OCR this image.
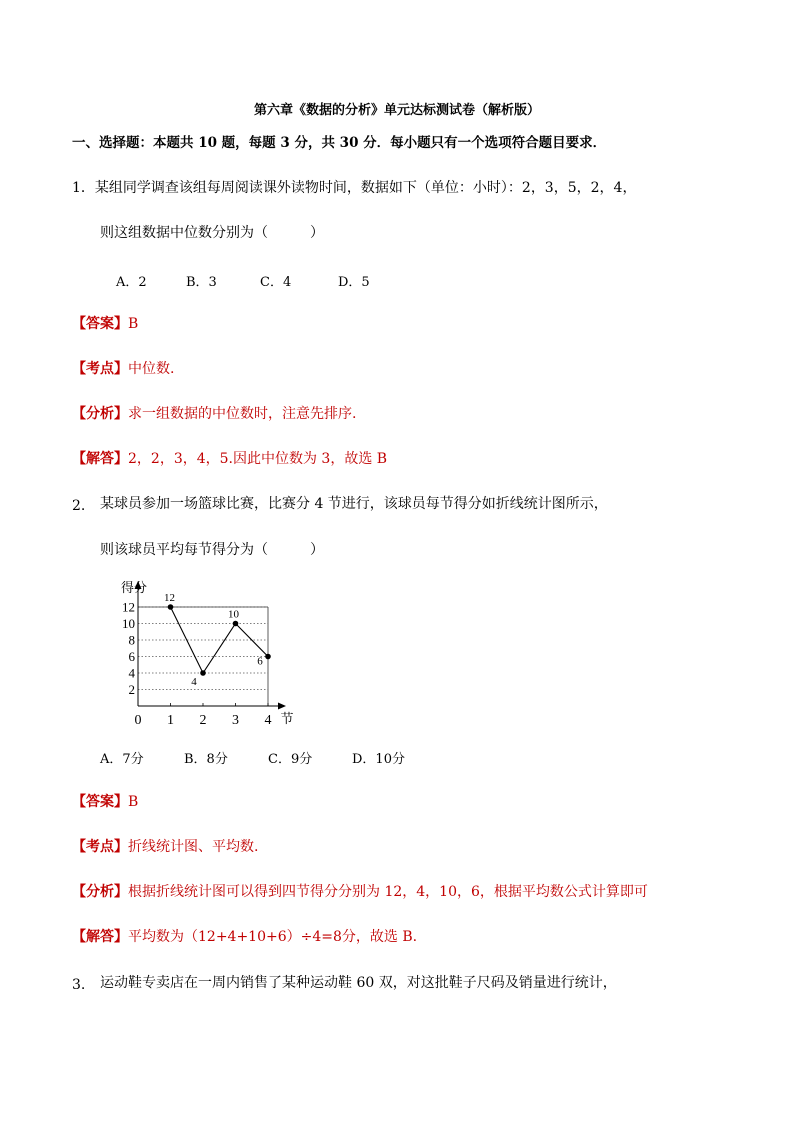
第六章《数据的分析》单元达标测试卷（解析版）
一、选择题：本题共 10 题，每题 3 分，共 30 分．每小题只有一个选项符合题目要求．
1．某组同学调查该组每周阅读课外读物时间，数据如下（单位：小时）：2，3，5，2，4，
则这组数据中位数分别为（　　　）
A．2	B．3	C．4	D．5
【答案】B
【考点】中位数.
【分析】求一组数据的中位数时，注意先排序.
【解答】2，2，3，4，5.因此中位数为 3，故选 B
2. 某球员参加一场篮球比赛，比赛分 4 节进行，该球员每节得分如折线统计图所示，
则该球员平均每节得分为（　　　）
2
4
6
8
10
12
0 1 2 3 4
得分
节
12
4
10
6
A．7分	B．8分	C．9分	D．10分
【答案】B
【考点】折线统计图、平均数.
【分析】根据折线统计图可以得到四节得分分别为 12，4，10，6，根据平均数公式计算即可
【解答】平均数为（12+4+10+6）÷4=8分，故选 B.
3. 运动鞋专卖店在一周内销售了某种运动鞋 60 双，对这批鞋子尺码及销量进行统计，
